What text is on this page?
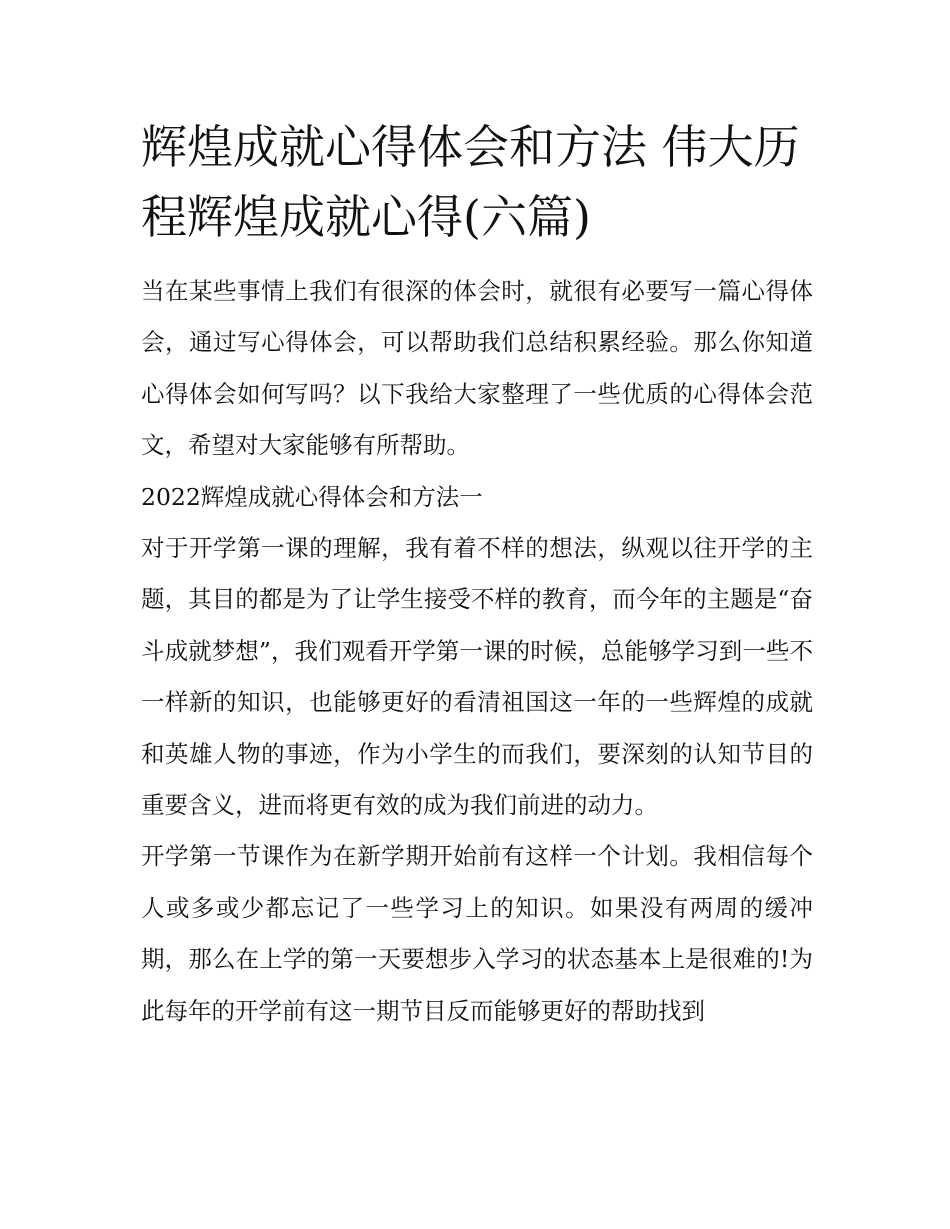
辉煌成就心得体会和方法 伟大历程辉煌成就心得(六篇)

当在某些事情上我们有很深的体会时，就很有必要写一篇心得体会，通过写心得体会，可以帮助我们总结积累经验。那么你知道心得体会如何写吗？以下我给大家整理了一些优质的心得体会范文，希望对大家能够有所帮助。

2022辉煌成就心得体会和方法一

对于开学第一课的理解，我有着不样的想法，纵观以往开学的主题，其目的都是为了让学生接受不样的教育，而今年的主题是“奋斗成就梦想”，我们观看开学第一课的时候，总能够学习到一些不一样新的知识，也能够更好的看清祖国这一年的一些辉煌的成就和英雄人物的事迹，作为小学生的而我们，要深刻的认知节目的重要含义，进而将更有效的成为我们前进的动力。

开学第一节课作为在新学期开始前有这样一个计划。我相信每个人或多或少都忘记了一些学习上的知识。如果没有两周的缓冲期，那么在上学的第一天要想步入学习的状态基本上是很难的!为此每年的开学前有这一期节目反而能够更好的帮助找到
